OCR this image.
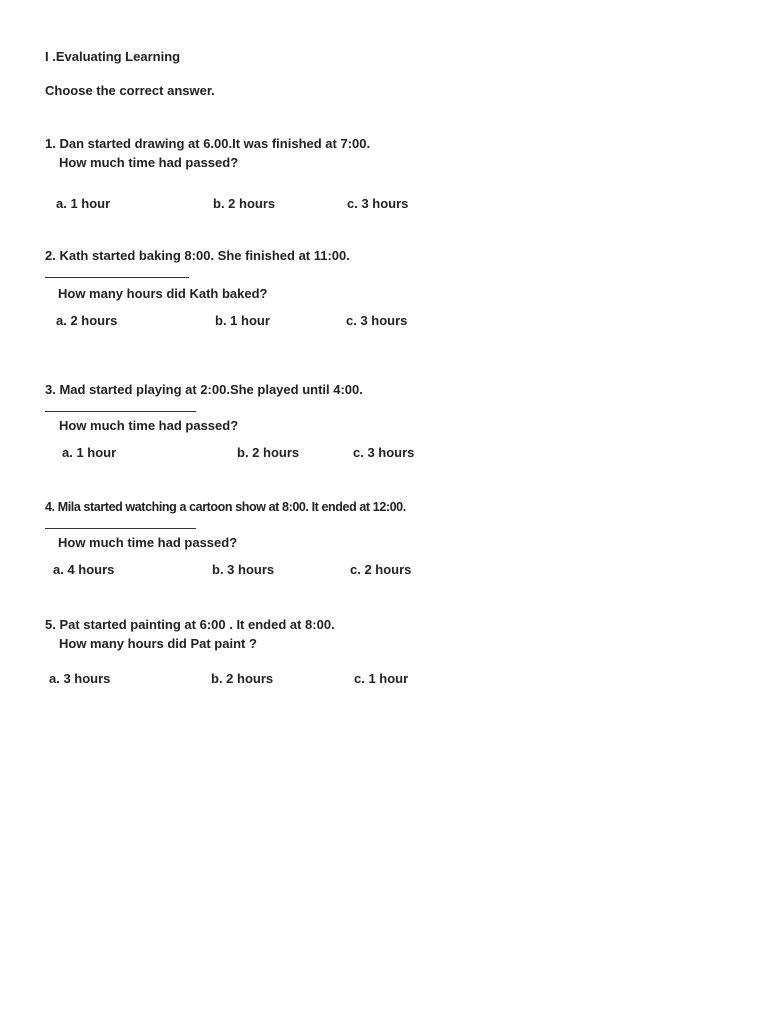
I .Evaluating Learning
Choose the correct answer.
1. Dan started drawing at 6.00.It was finished at 7:00.
How much time had passed?
a. 1 hour	b. 2 hours	c. 3 hours
2. Kath started baking 8:00. She finished at 11:00.
How many hours did Kath baked?
a. 2 hours	b. 1 hour	c. 3 hours
3. Mad started playing at 2:00.She played until 4:00.
How much time had passed?
a. 1 hour	b. 2 hours	c. 3 hours
4. Mila started watching a cartoon show at 8:00. It ended at 12:00.
How much time had passed?
a. 4 hours	b. 3 hours	c. 2 hours
5. Pat started painting at 6:00 . It ended at 8:00.
How many hours did Pat paint ?
a. 3 hours	b. 2 hours	c. 1 hour
